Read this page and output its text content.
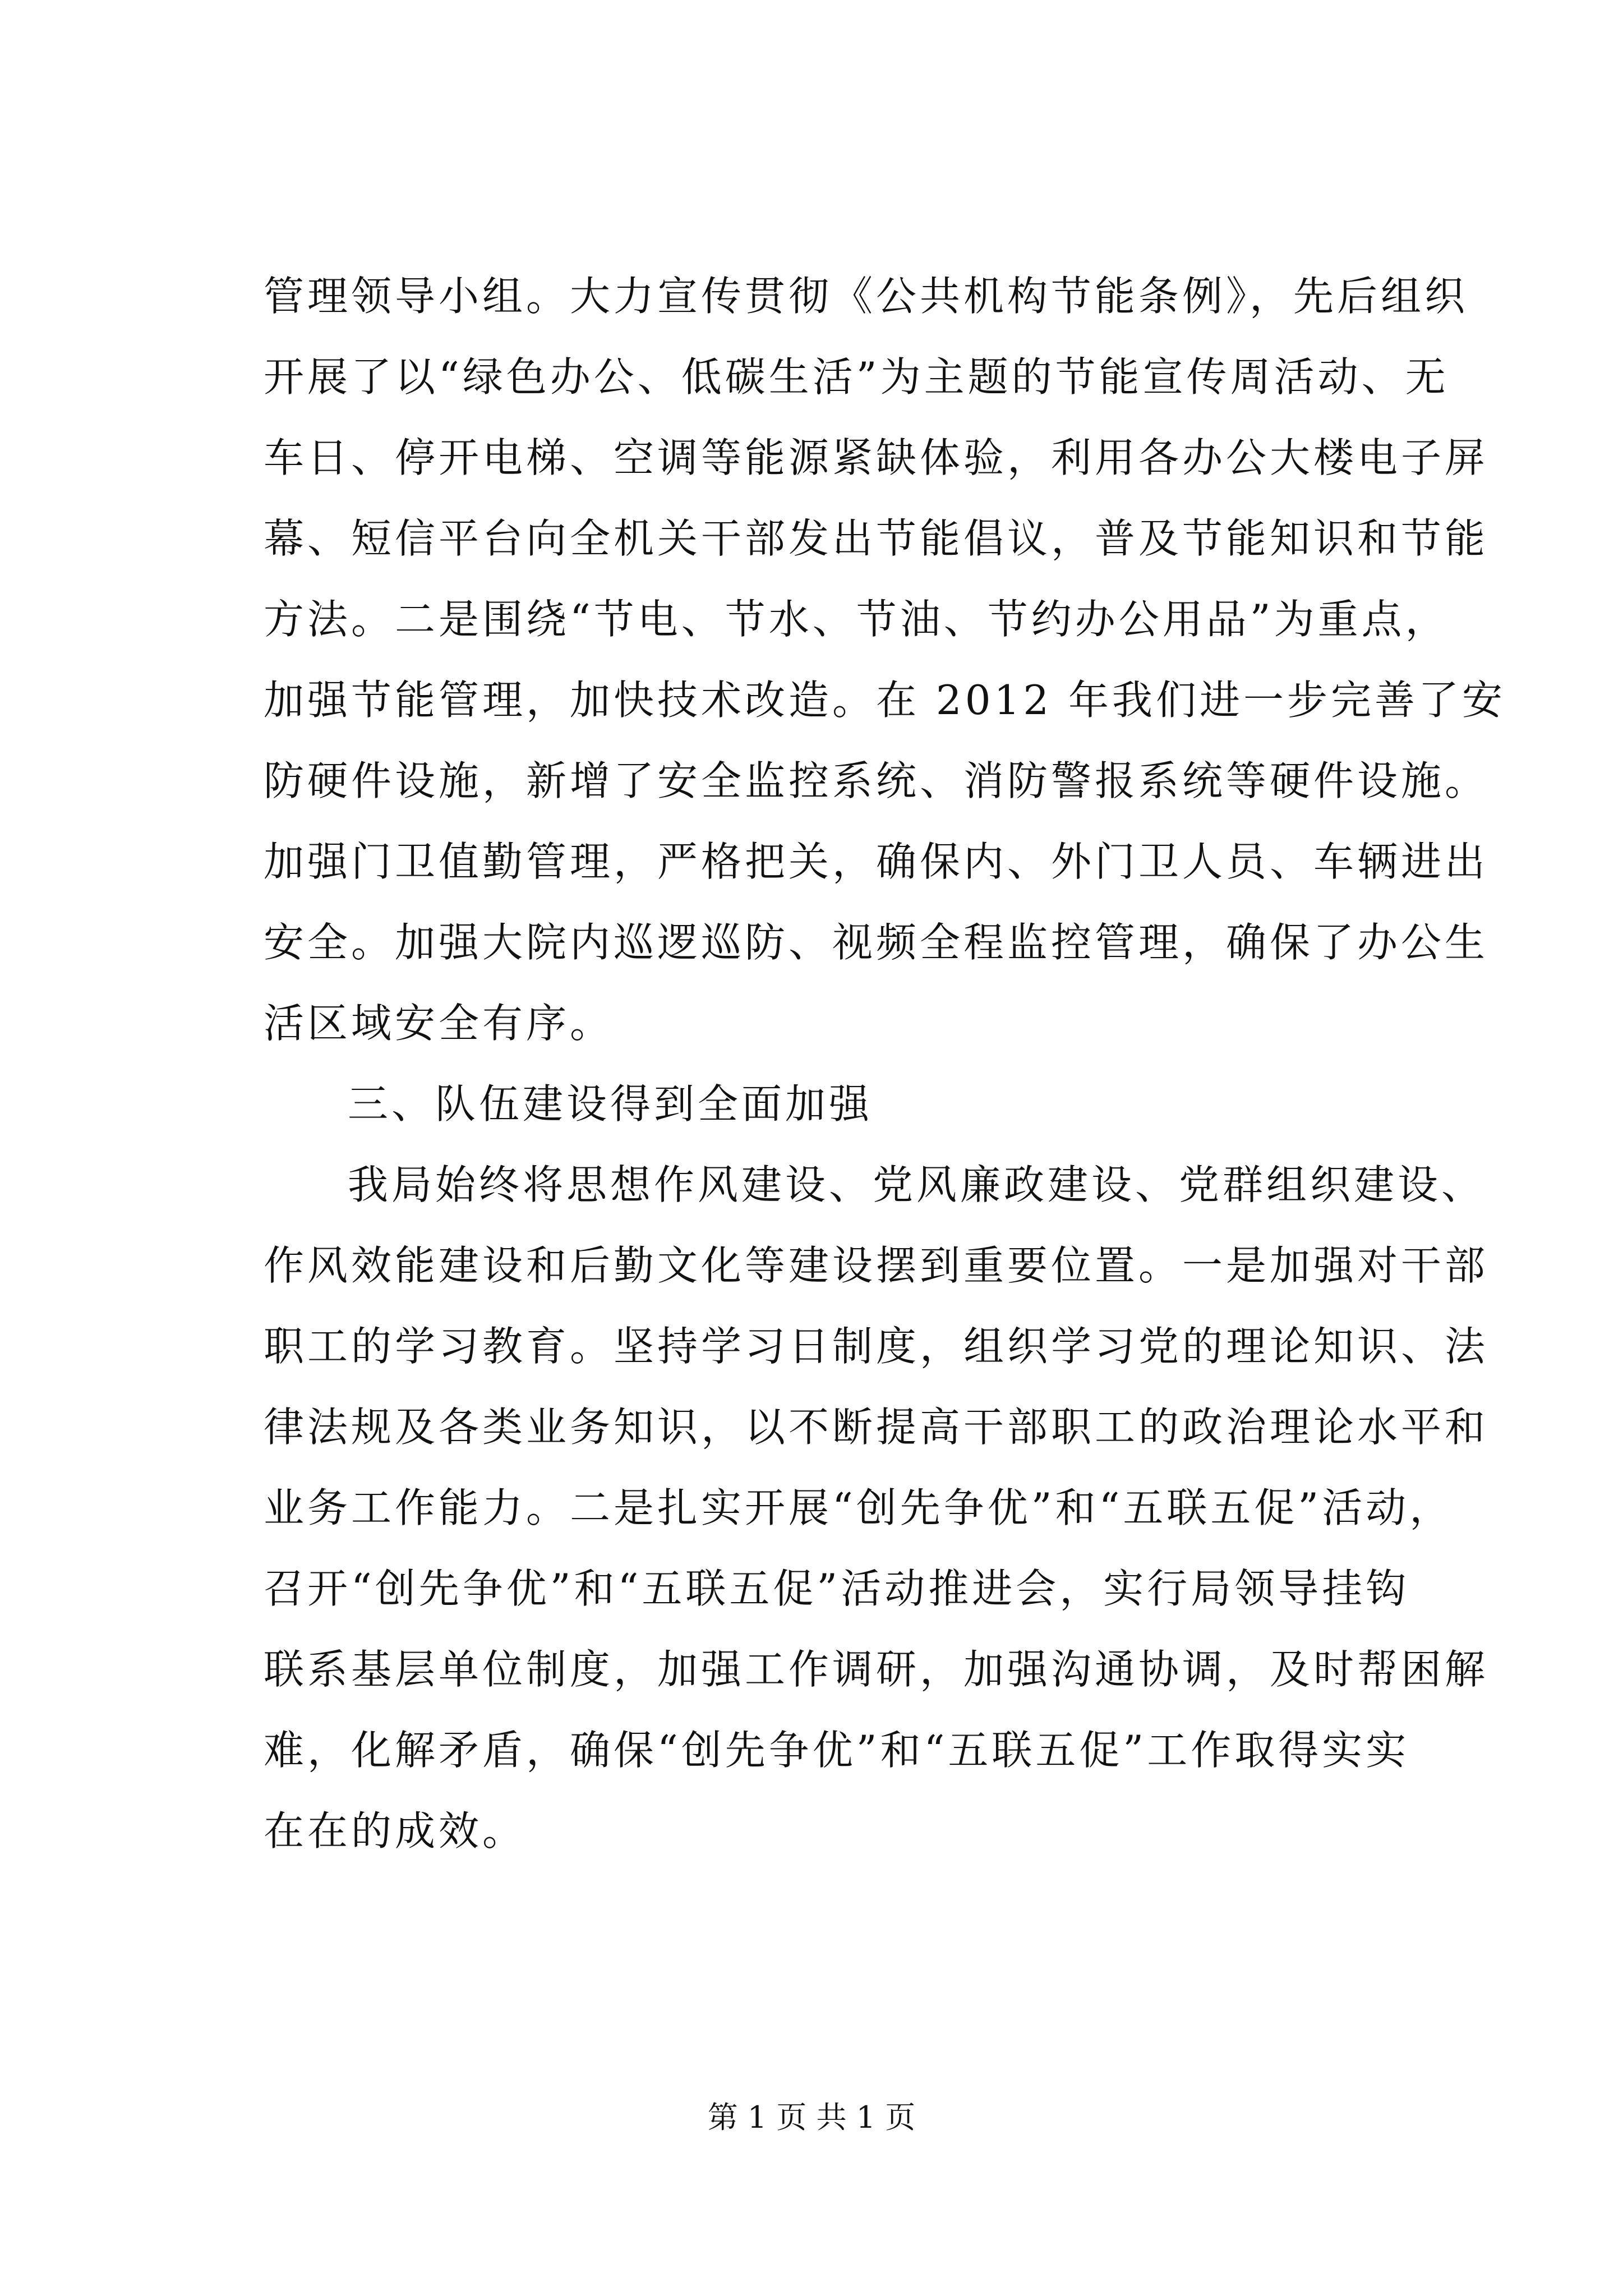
管理领导小组。大力宣传贯彻《公共机构节能条例》，先后组织
开展了以“绿色办公、低碳生活”为主题的节能宣传周活动、无
车日、停开电梯、空调等能源紧缺体验，利用各办公大楼电子屏
幕、短信平台向全机关干部发出节能倡议，普及节能知识和节能
方法。二是围绕“节电、节水、节油、节约办公用品”为重点，
加强节能管理，加快技术改造。在 2012 年我们进一步完善了安
防硬件设施，新增了安全监控系统、消防警报系统等硬件设施。
加强门卫值勤管理，严格把关，确保内、外门卫人员、车辆进出
安全。加强大院内巡逻巡防、视频全程监控管理，确保了办公生
活区域安全有序。
三、队伍建设得到全面加强
我局始终将思想作风建设、党风廉政建设、党群组织建设、
作风效能建设和后勤文化等建设摆到重要位置。一是加强对干部
职工的学习教育。坚持学习日制度，组织学习党的理论知识、法
律法规及各类业务知识，以不断提高干部职工的政治理论水平和
业务工作能力。二是扎实开展“创先争优”和“五联五促”活动，
召开“创先争优”和“五联五促”活动推进会，实行局领导挂钩
联系基层单位制度，加强工作调研，加强沟通协调，及时帮困解
难，化解矛盾，确保“创先争优”和“五联五促”工作取得实实
在在的成效。
第 1 页 共 1 页
